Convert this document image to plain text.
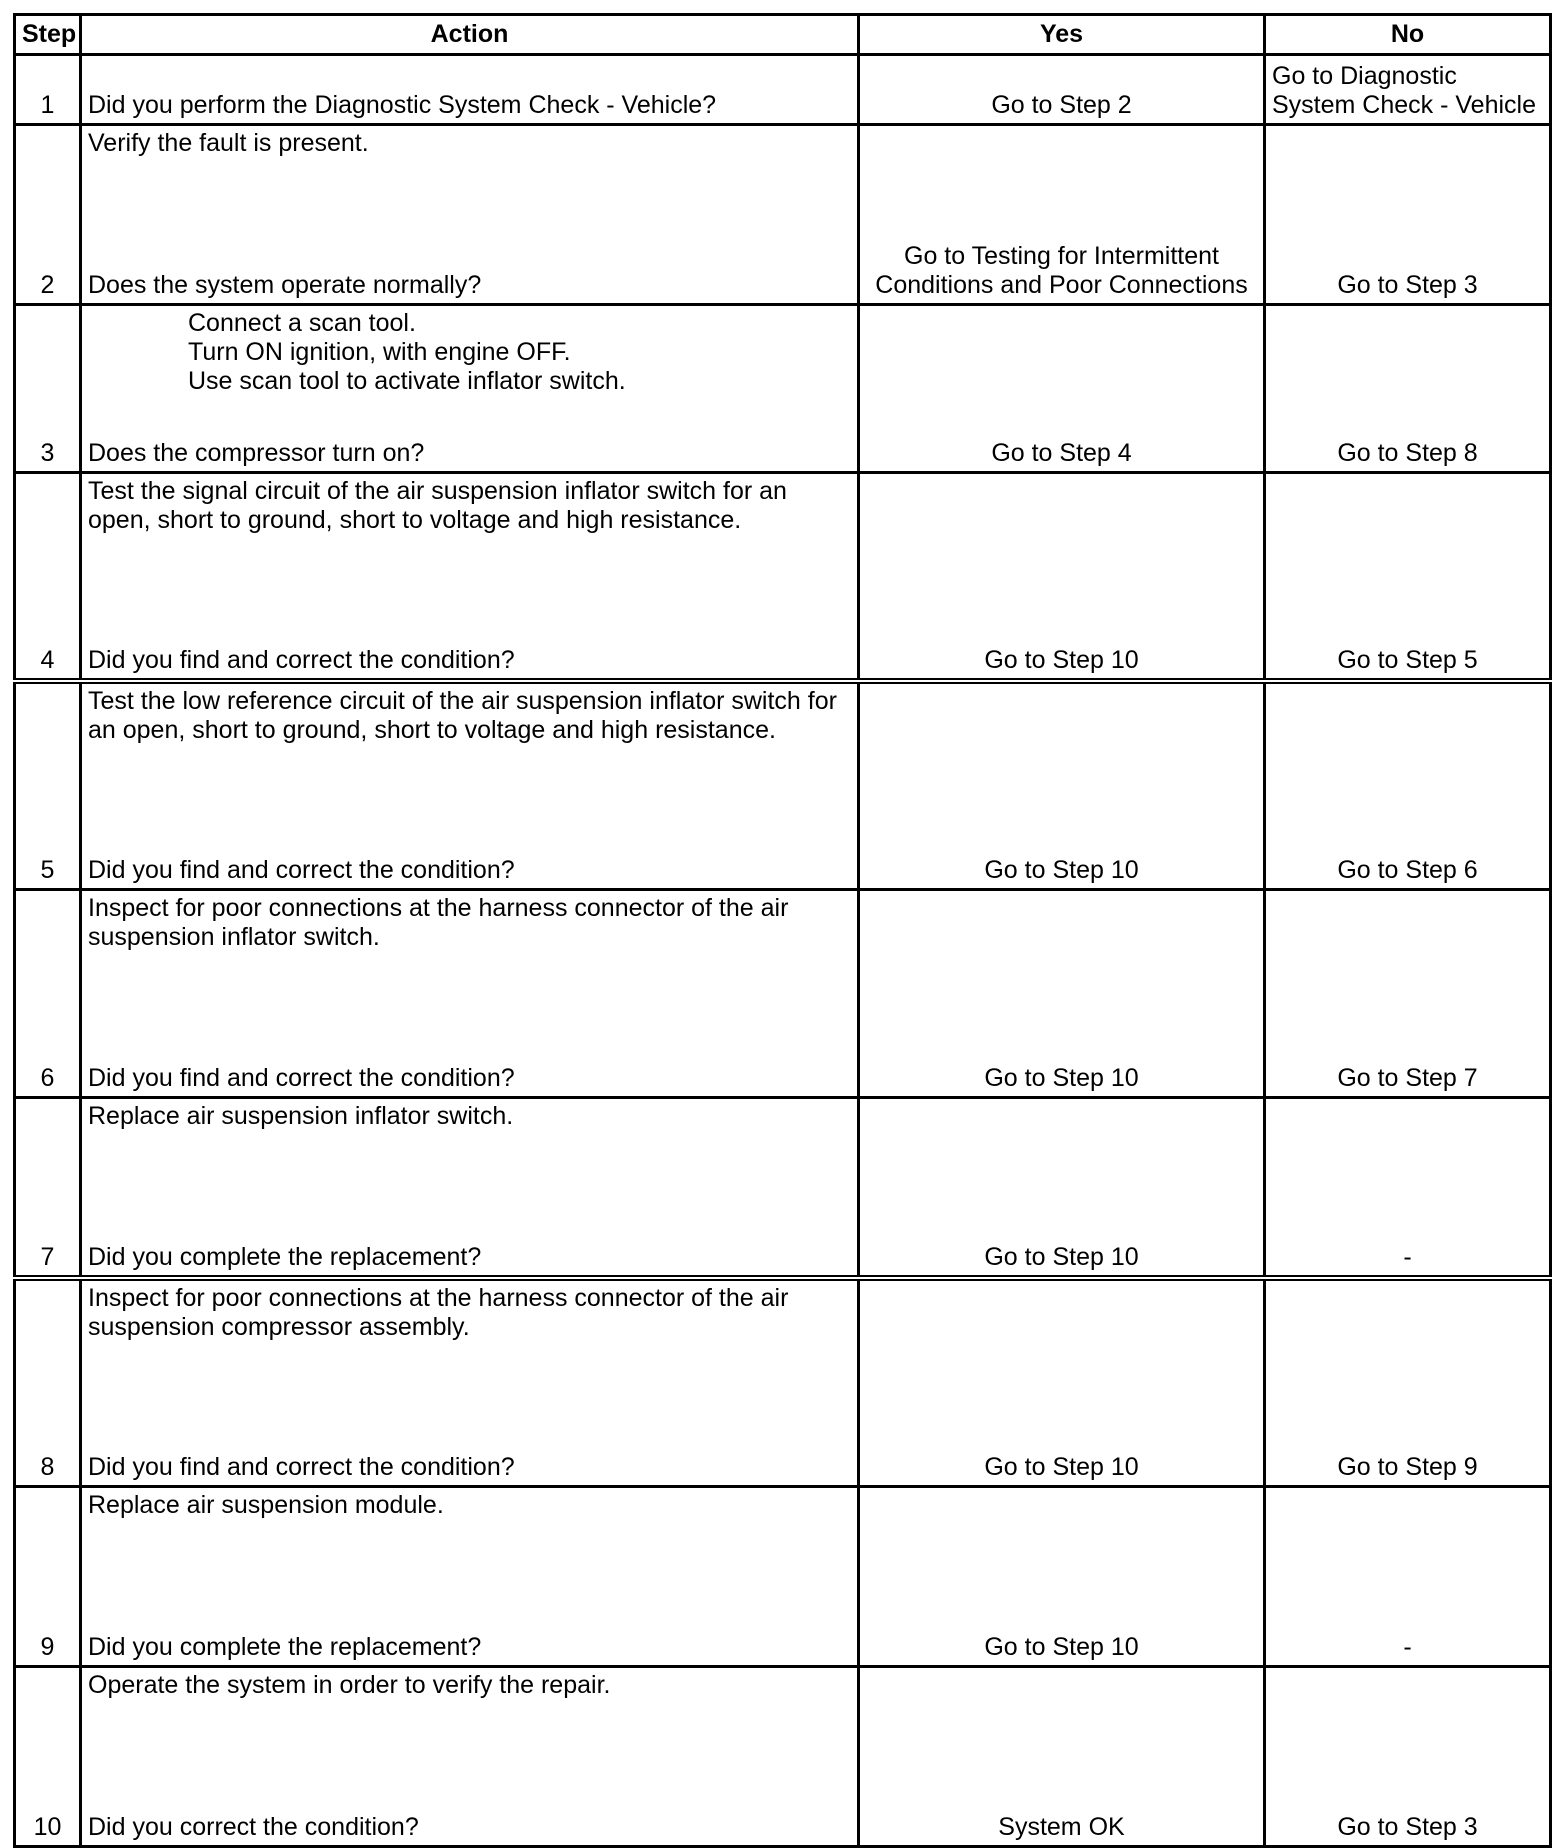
Step	Action	Yes	No
1	Did you perform the Diagnostic System Check - Vehicle?	Go to Step 2	Go to Diagnostic System Check - Vehicle
2	Verify the fault is present.
Does the system operate normally?	Go to Testing for Intermittent Conditions and Poor Connections	Go to Step 3
3	Connect a scan tool.
Turn ON ignition, with engine OFF.
Use scan tool to activate inflator switch.
Does the compressor turn on?	Go to Step 4	Go to Step 8
4	Test the signal circuit of the air suspension inflator switch for an open, short to ground, short to voltage and high resistance.
Did you find and correct the condition?	Go to Step 10	Go to Step 5
5	Test the low reference circuit of the air suspension inflator switch for an open, short to ground, short to voltage and high resistance.
Did you find and correct the condition?	Go to Step 10	Go to Step 6
6	Inspect for poor connections at the harness connector of the air suspension inflator switch.
Did you find and correct the condition?	Go to Step 10	Go to Step 7
7	Replace air suspension inflator switch.
Did you complete the replacement?	Go to Step 10	-
8	Inspect for poor connections at the harness connector of the air suspension compressor assembly.
Did you find and correct the condition?	Go to Step 10	Go to Step 9
9	Replace air suspension module.
Did you complete the replacement?	Go to Step 10	-
10	Operate the system in order to verify the repair.
Did you correct the condition?	System OK	Go to Step 3
